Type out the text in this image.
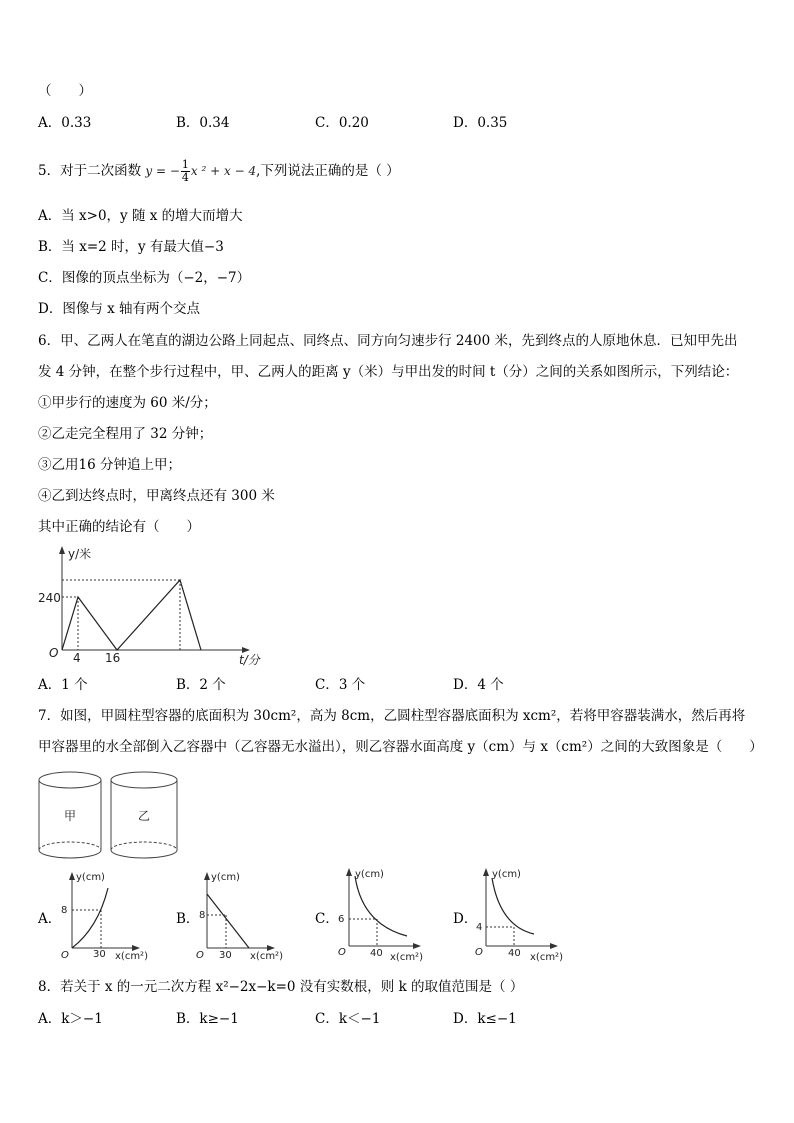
（　　）
A．0.33	B．0.34	C．0.20	D．0.35
5．对于二次函数 y = − $\frac{1}{4}$ x ² + x − 4,下列说法正确的是（ ）
A．当 x>0，y 随 x 的增大而增大
B．当 x=2 时，y 有最大值−3
C．图像的顶点坐标为（−2，−7）
D．图像与 x 轴有两个交点
6．甲、乙两人在笔直的湖边公路上同起点、同终点、同方向匀速步行 2400 米，先到终点的人原地休息．已知甲先出
发 4 分钟，在整个步行过程中，甲、乙两人的距离 y（米）与甲出发的时间 t（分）之间的关系如图所示，下列结论：
①甲步行的速度为 60 米/分；
②乙走完全程用了 32 分钟；
③乙用16 分钟追上甲；
④乙到达终点时，甲离终点还有 300 米
其中正确的结论有（　　）
y/米
t/分
O
240
4 16
A．1 个	B．2 个	C．3 个	D．4 个
7．如图，甲圆柱型容器的底面积为 30cm²，高为 8cm，乙圆柱型容器底面积为 xcm²，若将甲容器装满水，然后再将
甲容器里的水全部倒入乙容器中（乙容器无水溢出），则乙容器水面高度 y（cm）与 x（cm²）之间的大致图象是（　　）
甲	乙
A．
y(cm)
x(cm²)
O
8
30
B．
y(cm)
x(cm²)
O
8
30
C．
y(cm)
x(cm²)
O
6
40
D．
y(cm)
x(cm²)
O
4
40
8．若关于 x 的一元二次方程 x²−2x−k=0 没有实数根，则 k 的取值范围是（ ）
A．k＞−1	B．k≥−1	C．k＜−1	D．k≤−1
